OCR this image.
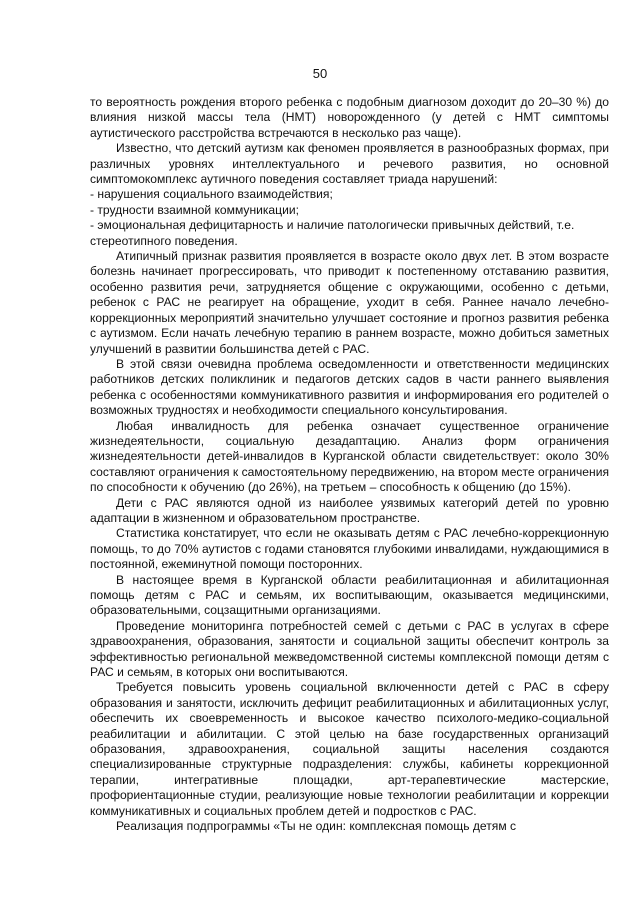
50

то вероятность рождения второго ребенка с подобным диагнозом доходит до 20–30 %) до влияния низкой массы тела (НМТ) новорожденного (у детей с НМТ симптомы аутистического расстройства встречаются в несколько раз чаще).

Известно, что детский аутизм как феномен проявляется в разнообразных формах, при различных уровнях интеллектуального и речевого развития, но основной симптомокомплекс аутичного поведения составляет триада нарушений:

- нарушения социального взаимодействия;

- трудности взаимной коммуникации;

- эмоциональная дефицитарность и наличие патологически привычных действий, т.е. стереотипного поведения.

Атипичный признак развития проявляется в возрасте около двух лет. В этом возрасте болезнь начинает прогрессировать, что приводит к постепенному отставанию развития, особенно развития речи, затрудняется общение с окружающими, особенно с детьми, ребенок с РАС не реагирует на обращение, уходит в себя. Раннее начало лечебно-коррекционных мероприятий значительно улучшает состояние и прогноз развития ребенка с аутизмом. Если начать лечебную терапию в раннем возрасте, можно добиться заметных улучшений в развитии большинства детей с РАС.

В этой связи очевидна проблема осведомленности и ответственности медицинских работников детских поликлиник и педагогов детских садов в части раннего выявления ребенка с особенностями коммуникативного развития и информирования его родителей о возможных трудностях и необходимости специального консультирования.

Любая инвалидность для ребенка означает существенное ограничение жизнедеятельности, социальную дезадаптацию. Анализ форм ограничения жизнедеятельности детей-инвалидов в Курганской области свидетельствует: около 30% составляют ограничения к самостоятельному передвижению, на втором месте ограничения по способности к обучению (до 26%), на третьем – способность к общению (до 15%).

Дети с РАС являются одной из наиболее уязвимых категорий детей по уровню адаптации в жизненном и образовательном пространстве.

Статистика констатирует, что если не оказывать детям с РАС лечебно-коррекционную помощь, то до 70% аутистов с годами становятся глубокими инвалидами, нуждающимися в постоянной, ежеминутной помощи посторонних.

В настоящее время в Курганской области реабилитационная и абилитационная помощь детям с РАС и семьям, их воспитывающим, оказывается медицинскими, образовательными, соцзащитными организациями.

Проведение мониторинга потребностей семей с детьми с РАС в услугах в сфере здравоохранения, образования, занятости и социальной защиты обеспечит контроль за эффективностью региональной межведомственной системы комплексной помощи детям с РАС и семьям, в которых они воспитываются.

Требуется повысить уровень социальной включенности детей с РАС в сферу образования и занятости, исключить дефицит реабилитационных и абилитационных услуг, обеспечить их своевременность и высокое качество психолого-медико-социальной реабилитации и абилитации. С этой целью на базе государственных организаций образования, здравоохранения, социальной защиты населения создаются специализированные структурные подразделения: службы, кабинеты коррекционной терапии, интегративные площадки, арт-терапевтические мастерские, профориентационные студии, реализующие новые технологии реабилитации и коррекции коммуникативных и социальных проблем детей и подростков с РАС.

Реализация подпрограммы «Ты не один: комплексная помощь детям с
